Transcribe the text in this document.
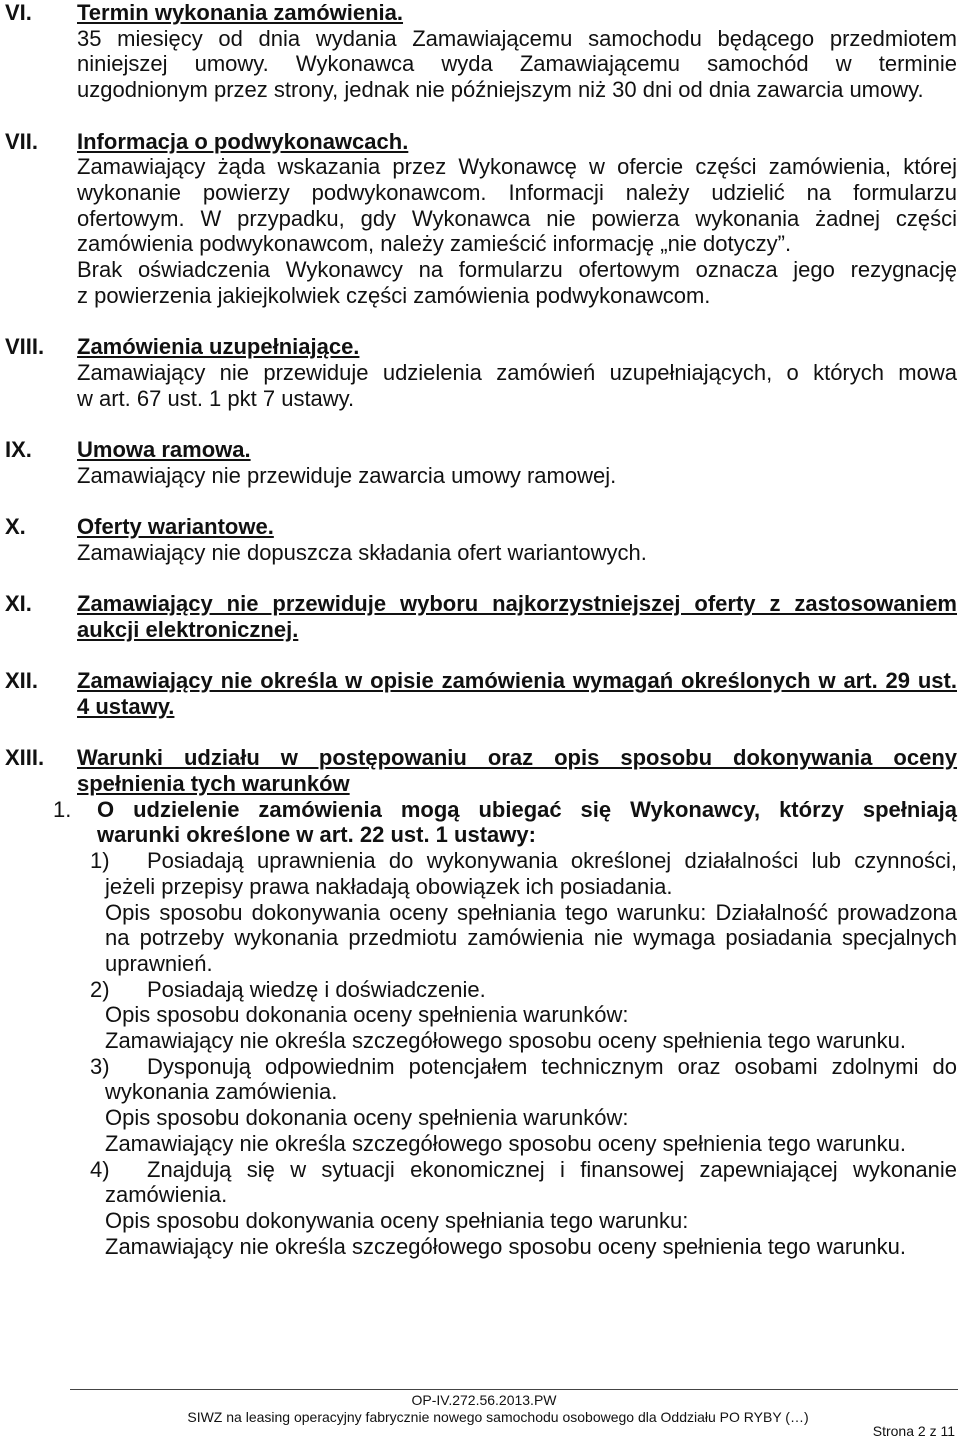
VI. Termin wykonania zamówienia.
35 miesięcy od dnia wydania Zamawiającemu samochodu będącego przedmiotem
niniejszej umowy. Wykonawca wyda Zamawiającemu samochód w terminie
uzgodnionym przez strony, jednak nie późniejszym niż 30 dni od dnia zawarcia umowy.
VII. Informacja o podwykonawcach.
Zamawiający żąda wskazania przez Wykonawcę w ofercie części zamówienia, której
wykonanie powierzy podwykonawcom. Informacji należy udzielić na formularzu
ofertowym. W przypadku, gdy Wykonawca nie powierza wykonania żadnej części
zamówienia podwykonawcom, należy zamieścić informację „nie dotyczy”.
Brak oświadczenia Wykonawcy na formularzu ofertowym oznacza jego rezygnację
z powierzenia jakiejkolwiek części zamówienia podwykonawcom.
VIII. Zamówienia uzupełniające.
Zamawiający nie przewiduje udzielenia zamówień uzupełniających, o których mowa
w art. 67 ust. 1 pkt 7 ustawy.
IX. Umowa ramowa.
Zamawiający nie przewiduje zawarcia umowy ramowej.
X. Oferty wariantowe.
Zamawiający nie dopuszcza składania ofert wariantowych.
XI. Zamawiający nie przewiduje wyboru najkorzystniejszej oferty z zastosowaniem
aukcji elektronicznej.
XII. Zamawiający nie określa w opisie zamówienia wymagań określonych w art. 29 ust.
4 ustawy.
XIII. Warunki udziału w postępowaniu oraz opis sposobu dokonywania oceny
spełnienia tych warunków
1. O udzielenie zamówienia mogą ubiegać się Wykonawcy, którzy spełniają
warunki określone w art. 22 ust. 1 ustawy:
1) Posiadają uprawnienia do wykonywania określonej działalności lub czynności,
jeżeli przepisy prawa nakładają obowiązek ich posiadania.
Opis sposobu dokonywania oceny spełniania tego warunku: Działalność prowadzona
na potrzeby wykonania przedmiotu zamówienia nie wymaga posiadania specjalnych
uprawnień.
2) Posiadają wiedzę i doświadczenie.
Opis sposobu dokonania oceny spełnienia warunków:
Zamawiający nie określa szczegółowego sposobu oceny spełnienia tego warunku.
3) Dysponują odpowiednim potencjałem technicznym oraz osobami zdolnymi do
wykonania zamówienia.
Opis sposobu dokonania oceny spełnienia warunków:
Zamawiający nie określa szczegółowego sposobu oceny spełnienia tego warunku.
4) Znajdują się w sytuacji ekonomicznej i finansowej zapewniającej wykonanie
zamówienia.
Opis sposobu dokonywania oceny spełniania tego warunku:
Zamawiający nie określa szczegółowego sposobu oceny spełnienia tego warunku.
OP-IV.272.56.2013.PW
SIWZ na leasing operacyjny fabrycznie nowego samochodu osobowego dla Oddziału PO RYBY (…)
Strona 2 z 11
